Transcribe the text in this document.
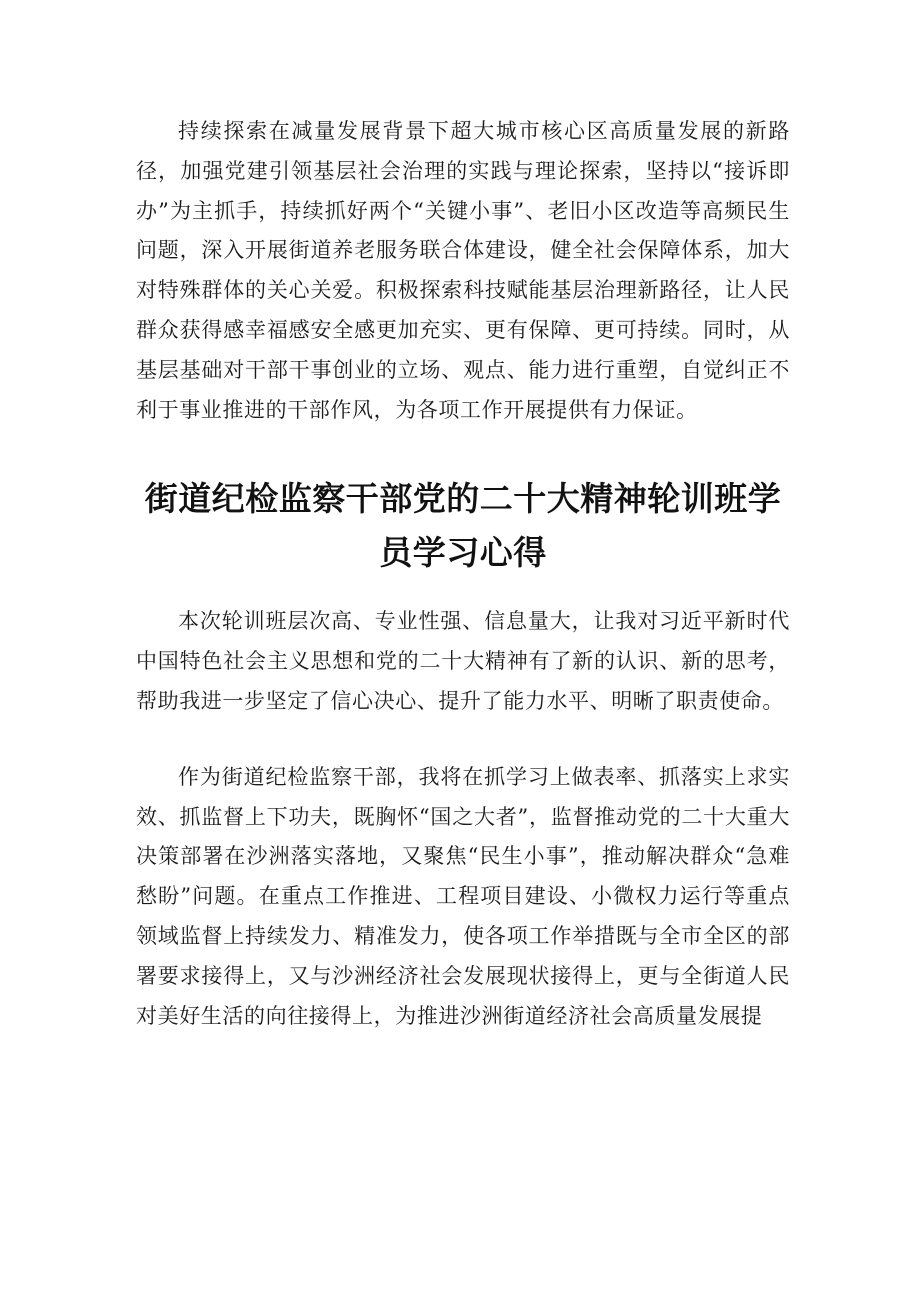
持续探索在减量发展背景下超大城市核心区高质量发展的新路径，加强党建引领基层社会治理的实践与理论探索，坚持以“接诉即办”为主抓手，持续抓好两个“关键小事”、老旧小区改造等高频民生问题，深入开展街道养老服务联合体建设，健全社会保障体系，加大对特殊群体的关心关爱。积极探索科技赋能基层治理新路径，让人民群众获得感幸福感安全感更加充实、更有保障、更可持续。同时，从基层基础对干部干事创业的立场、观点、能力进行重塑，自觉纠正不利于事业推进的干部作风，为各项工作开展提供有力保证。

街道纪检监察干部党的二十大精神轮训班学
员学习心得

本次轮训班层次高、专业性强、信息量大，让我对习近平新时代中国特色社会主义思想和党的二十大精神有了新的认识、新的思考，帮助我进一步坚定了信心决心、提升了能力水平、明晰了职责使命。

作为街道纪检监察干部，我将在抓学习上做表率、抓落实上求实效、抓监督上下功夫，既胸怀“国之大者”，监督推动党的二十大重大决策部署在沙洲落实落地，又聚焦“民生小事”，推动解决群众“急难愁盼”问题。在重点工作推进、工程项目建设、小微权力运行等重点领域监督上持续发力、精准发力，使各项工作举措既与全市全区的部署要求接得上，又与沙洲经济社会发展现状接得上，更与全街道人民对美好生活的向往接得上，为推进沙洲街道经济社会高质量发展提
